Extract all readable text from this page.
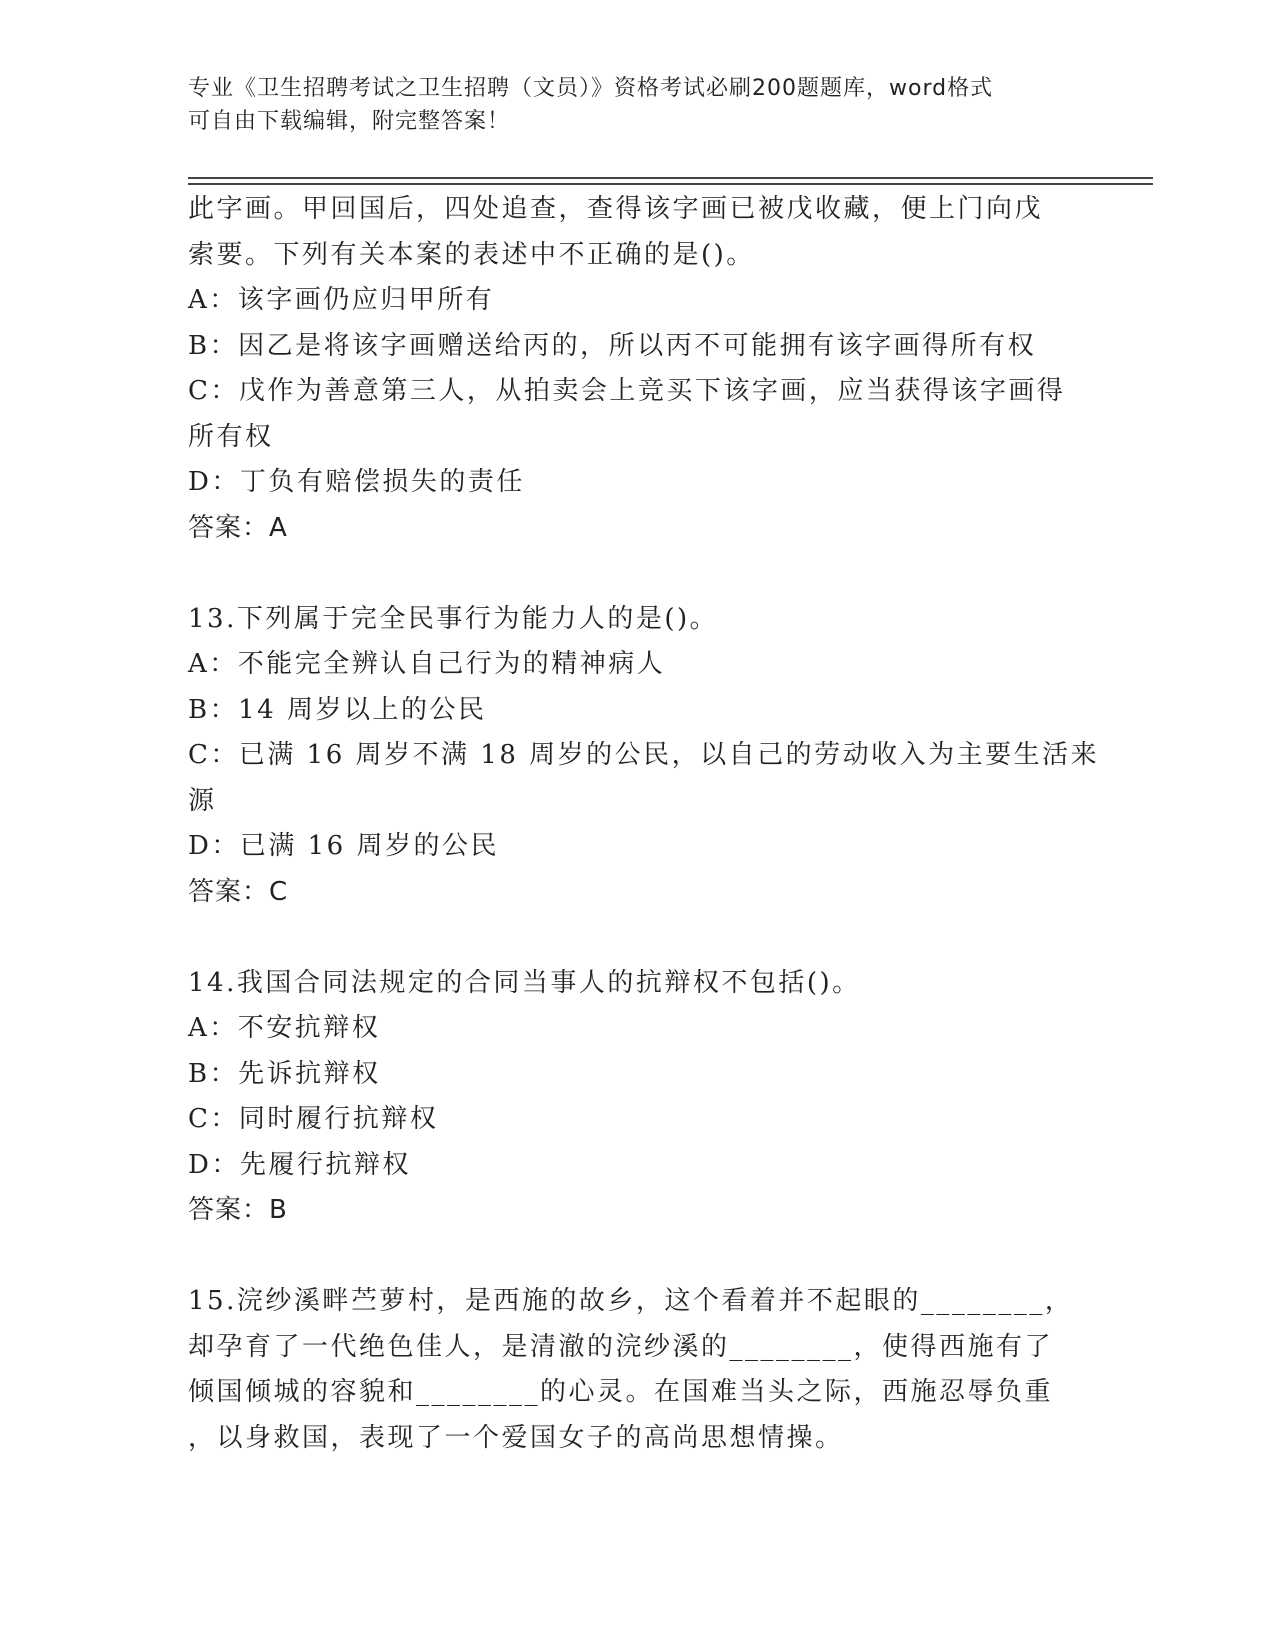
专业《卫生招聘考试之卫生招聘（文员）》资格考试必刷200题题库，word格式
可自由下载编辑，附完整答案！
此字画。甲回国后，四处追查，查得该字画已被戊收藏，便上门向戊
索要。下列有关本案的表述中不正确的是()。
A：该字画仍应归甲所有
B：因乙是将该字画赠送给丙的，所以丙不可能拥有该字画得所有权
C：戊作为善意第三人，从拍卖会上竞买下该字画，应当获得该字画得
所有权
D：丁负有赔偿损失的责任
答案：A
13.下列属于完全民事行为能力人的是()。
A：不能完全辨认自己行为的精神病人
B：14 周岁以上的公民
C：已满 16 周岁不满 18 周岁的公民，以自己的劳动收入为主要生活来
源
D：已满 16 周岁的公民
答案：C
14.我国合同法规定的合同当事人的抗辩权不包括()。
A：不安抗辩权
B：先诉抗辩权
C：同时履行抗辩权
D：先履行抗辩权
答案：B
15.浣纱溪畔苎萝村，是西施的故乡，这个看着并不起眼的________，
却孕育了一代绝色佳人，是清澈的浣纱溪的________，使得西施有了
倾国倾城的容貌和________的心灵。在国难当头之际，西施忍辱负重
，以身救国，表现了一个爱国女子的高尚思想情操。
